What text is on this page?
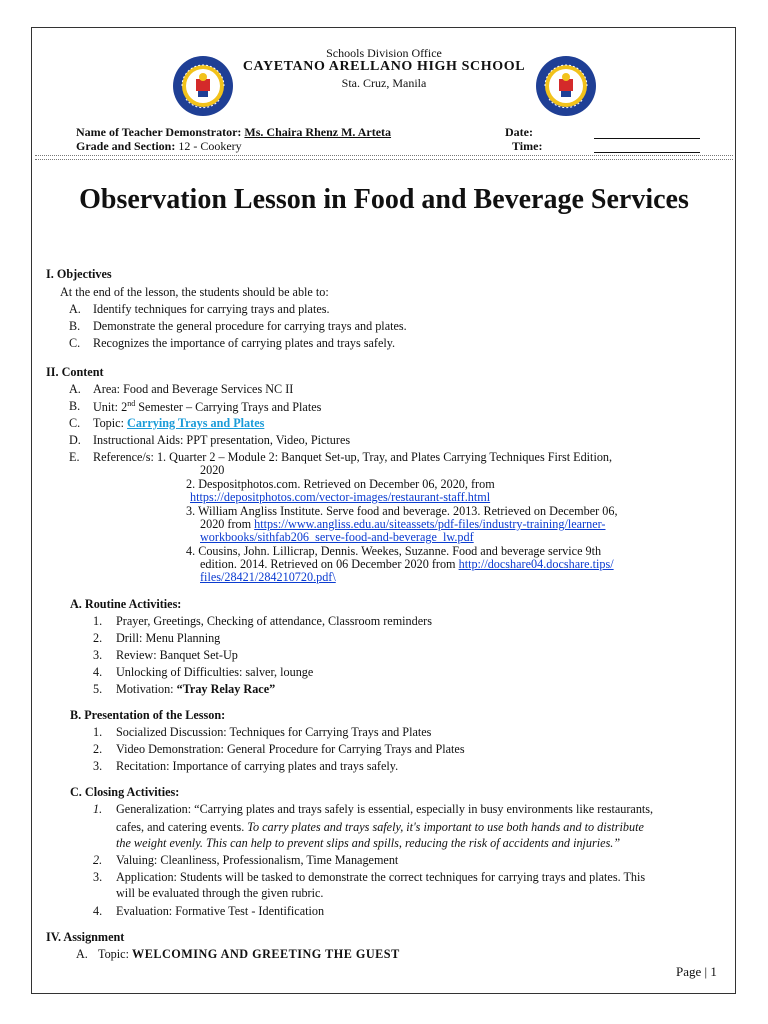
Schools Division Office
CAYETANO ARELLANO HIGH SCHOOL
Sta. Cruz, Manila
Name of Teacher Demonstrator: Ms. Chaira Rhenz M. Arteta
Grade and Section: 12 - Cookery
Date:
Time:
Observation Lesson in Food and Beverage Services
I. Objectives
At the end of the lesson, the students should be able to:
A. Identify techniques for carrying trays and plates.
B. Demonstrate the general procedure for carrying trays and plates.
C. Recognizes the importance of carrying plates and trays safely.
II. Content
A. Area: Food and Beverage Services NC II
B. Unit: 2nd Semester – Carrying Trays and Plates
C. Topic: Carrying Trays and Plates
D. Instructional Aids: PPT presentation, Video, Pictures
E. Reference/s: 1. Quarter 2 – Module 2: Banquet Set-up, Tray, and Plates Carrying Techniques First Edition,
2020
2. Despositphotos.com. Retrieved on December 06, 2020, from
https://depositphotos.com/vector-images/restaurant-staff.html
3. William Angliss Institute. Serve food and beverage. 2013. Retrieved on December 06,
2020 from https://www.angliss.edu.au/siteassets/pdf-files/industry-training/learner-
workbooks/sithfab206_serve-food-and-beverage_lw.pdf
4. Cousins, John. Lillicrap, Dennis. Weekes, Suzanne. Food and beverage service 9th
edition. 2014. Retrieved on 06 December 2020 from http://docshare04.docshare.tips/
files/28421/284210720.pdf\
A. Routine Activities:
1. Prayer, Greetings, Checking of attendance, Classroom reminders
2. Drill: Menu Planning
3. Review: Banquet Set-Up
4. Unlocking of Difficulties: salver, lounge
5. Motivation: “Tray Relay Race”
B. Presentation of the Lesson:
1. Socialized Discussion: Techniques for Carrying Trays and Plates
2. Video Demonstration: General Procedure for Carrying Trays and Plates
3. Recitation: Importance of carrying plates and trays safely.
C. Closing Activities:
1. Generalization: “Carrying plates and trays safely is essential, especially in busy environments like restaurants,
cafes, and catering events. To carry plates and trays safely, it's important to use both hands and to distribute
the weight evenly. This can help to prevent slips and spills, reducing the risk of accidents and injuries.”
2. Valuing: Cleanliness, Professionalism, Time Management
3. Application: Students will be tasked to demonstrate the correct techniques for carrying trays and plates. This
will be evaluated through the given rubric.
4. Evaluation: Formative Test - Identification
IV. Assignment
A. Topic: WELCOMING AND GREETING THE GUEST
Page | 1
